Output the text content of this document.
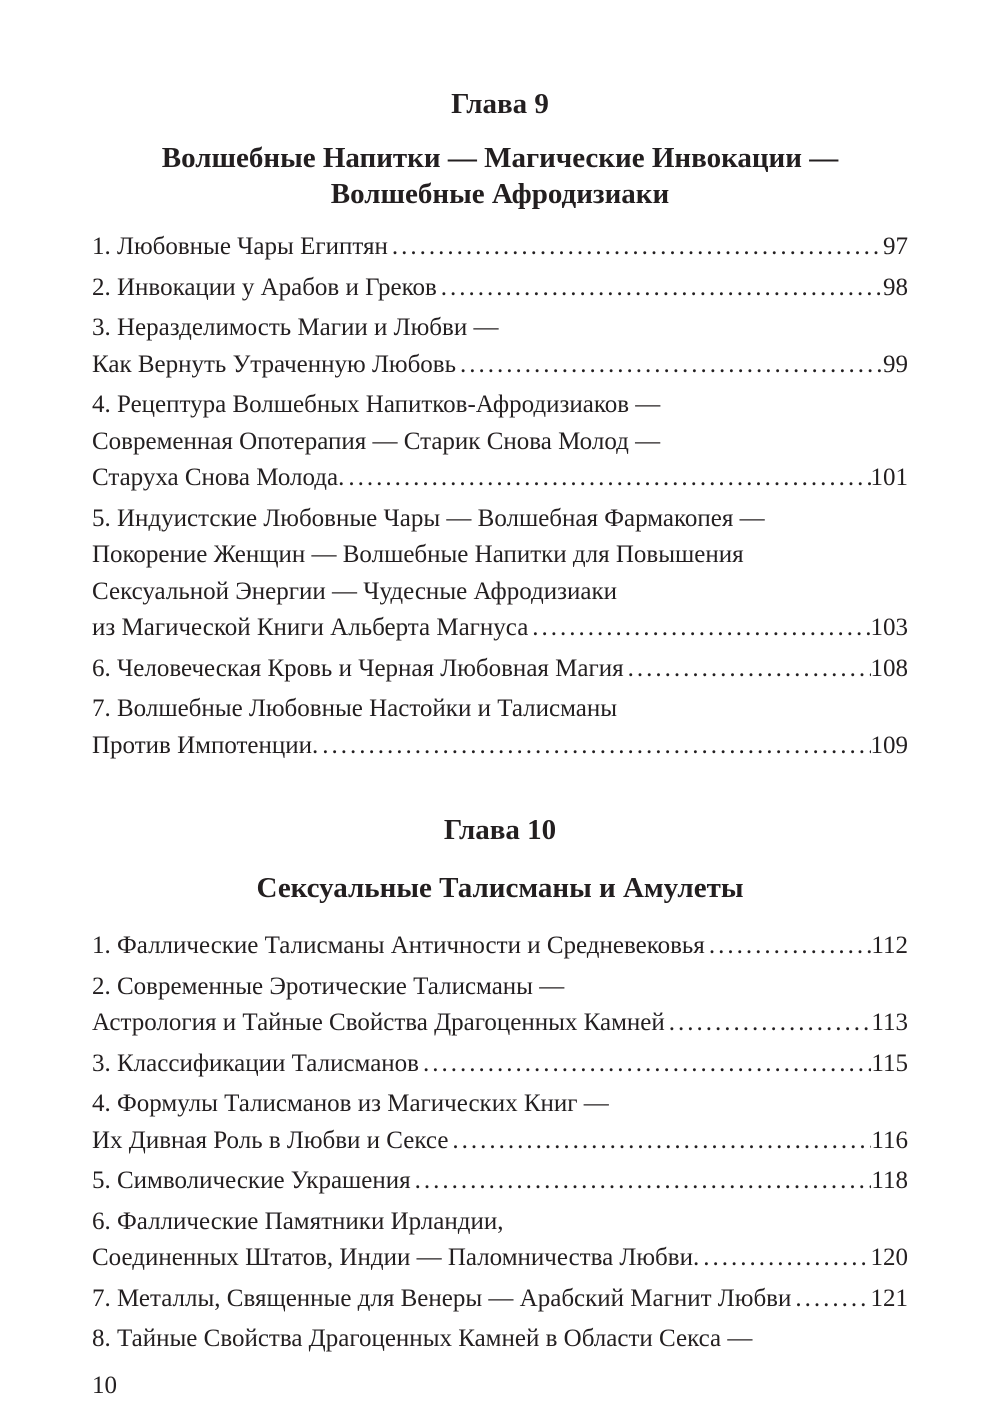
Глава 9
Волшебные Напитки — Магические Инвокации —
Волшебные Афродизиаки
1. Любовные Чары Египтян .....	97
2. Инвокации у Арабов и Греков .....	98
3. Неразделимость Магии и Любви —
Как Вернуть Утраченную Любовь .....	99
4. Рецептура Волшебных Напитков-Афродизиаков —
Современная Опотерапия — Старик Снова Молод —
Старуха Снова Молода. .....	101
5. Индуистские Любовные Чары — Волшебная Фармакопея —
Покорение Женщин — Волшебные Напитки для Повышения
Сексуальной Энергии — Чудесные Афродизиаки
из Магической Книги Альберта Магнуса .....	103
6. Человеческая Кровь и Черная Любовная Магия .....	108
7. Волшебные Любовные Настойки и Талисманы
Против Импотенции. .....	109
Глава 10
Сексуальные Талисманы и Амулеты
1. Фаллические Талисманы Античности и Средневековья .....	112
2. Современные Эротические Талисманы —
Астрология и Тайные Свойства Драгоценных Камней .....	113
3. Классификации Талисманов .....	115
4. Формулы Талисманов из Магических Книг —
Их Дивная Роль в Любви и Сексе .....	116
5. Символические Украшения .....	118
6. Фаллические Памятники Ирландии,
Соединенных Штатов, Индии — Паломничества Любви. .....	120
7. Металлы, Священные для Венеры — Арабский Магнит Любви .....	121
8. Тайные Свойства Драгоценных Камней в Области Секса —
10
